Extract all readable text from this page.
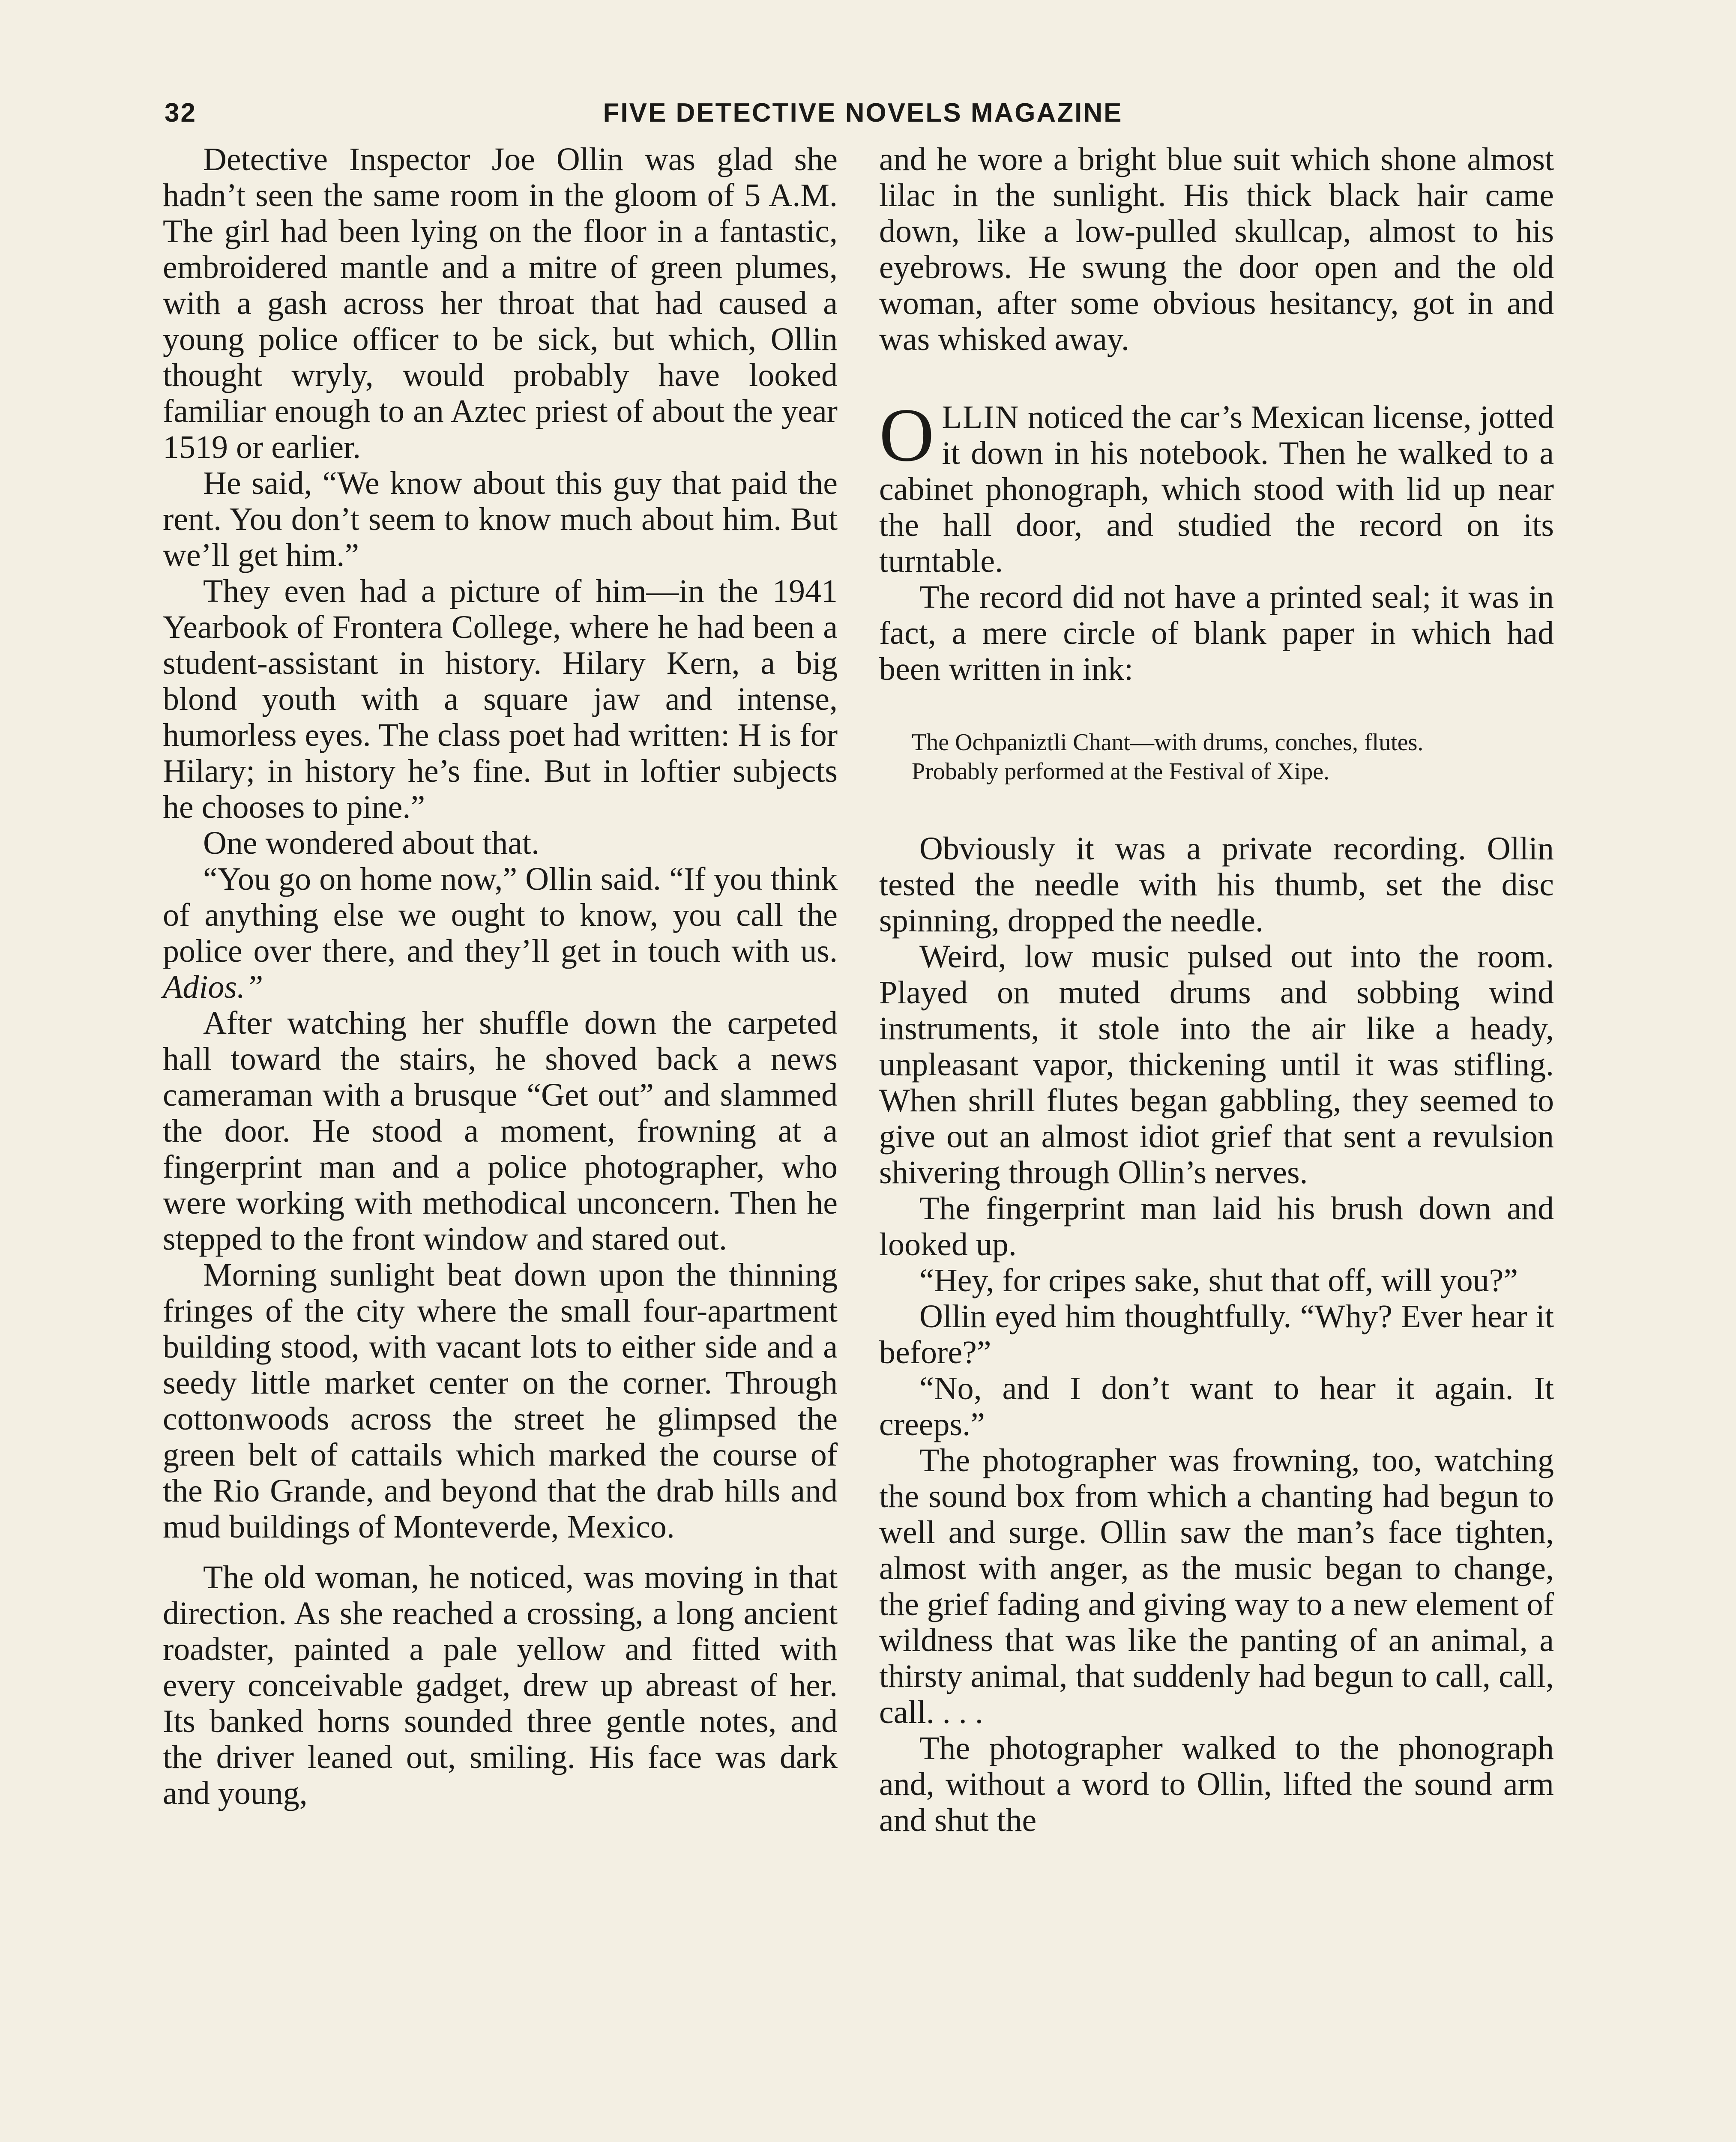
32	FIVE DETECTIVE NOVELS MAGAZINE

Detective Inspector Joe Ollin was glad she hadn’t seen the same room in the gloom of 5 A.M. The girl had been lying on the floor in a fantastic, embroidered mantle and a mitre of green plumes, with a gash across her throat that had caused a young police officer to be sick, but which, Ollin thought wryly, would probably have looked familiar enough to an Aztec priest of about the year 1519 or earlier.

He said, “We know about this guy that paid the rent. You don’t seem to know much about him. But we’ll get him.”

They even had a picture of him—in the 1941 Yearbook of Frontera College, where he had been a student-assistant in history. Hilary Kern, a big blond youth with a square jaw and intense, humorless eyes. The class poet had written: H is for Hilary; in history he’s fine. But in loftier subjects he chooses to pine.”

One wondered about that.

“You go on home now,” Ollin said. “If you think of anything else we ought to know, you call the police over there, and they’ll get in touch with us. Adios.”

After watching her shuffle down the carpeted hall toward the stairs, he shoved back a news cameraman with a brusque “Get out” and slammed the door. He stood a moment, frowning at a fingerprint man and a police photographer, who were working with methodical unconcern. Then he stepped to the front window and stared out.

Morning sunlight beat down upon the thinning fringes of the city where the small four-apartment building stood, with vacant lots to either side and a seedy little market center on the corner. Through cottonwoods across the street he glimpsed the green belt of cattails which marked the course of the Rio Grande, and beyond that the drab hills and mud buildings of Monteverde, Mexico.

The old woman, he noticed, was moving in that direction. As she reached a crossing, a long ancient roadster, painted a pale yellow and fitted with every conceivable gadget, drew up abreast of her. Its banked horns sounded three gentle notes, and the driver leaned out, smiling. His face was dark and young,

and he wore a bright blue suit which shone almost lilac in the sunlight. His thick black hair came down, like a low-pulled skullcap, almost to his eyebrows. He swung the door open and the old woman, after some obvious hesitancy, got in and was whisked away.

OLLIN noticed the car’s Mexican license, jotted it down in his notebook. Then he walked to a cabinet phonograph, which stood with lid up near the hall door, and studied the record on its turntable.

The record did not have a printed seal; it was in fact, a mere circle of blank paper in which had been written in ink:

The Ochpaniztli Chant—with drums, conches, flutes.
Probably performed at the Festival of Xipe.

Obviously it was a private recording. Ollin tested the needle with his thumb, set the disc spinning, dropped the needle.

Weird, low music pulsed out into the room. Played on muted drums and sobbing wind instruments, it stole into the air like a heady, unpleasant vapor, thickening until it was stifling. When shrill flutes began gabbling, they seemed to give out an almost idiot grief that sent a revulsion shivering through Ollin’s nerves.

The fingerprint man laid his brush down and looked up.

“Hey, for cripes sake, shut that off, will you?”

Ollin eyed him thoughtfully. “Why? Ever hear it before?”

“No, and I don’t want to hear it again. It creeps.”

The photographer was frowning, too, watching the sound box from which a chanting had begun to well and surge. Ollin saw the man’s face tighten, almost with anger, as the music began to change, the grief fading and giving way to a new element of wildness that was like the panting of an animal, a thirsty animal, that suddenly had begun to call, call, call. . . .

The photographer walked to the phonograph and, without a word to Ollin, lifted the sound arm and shut the
